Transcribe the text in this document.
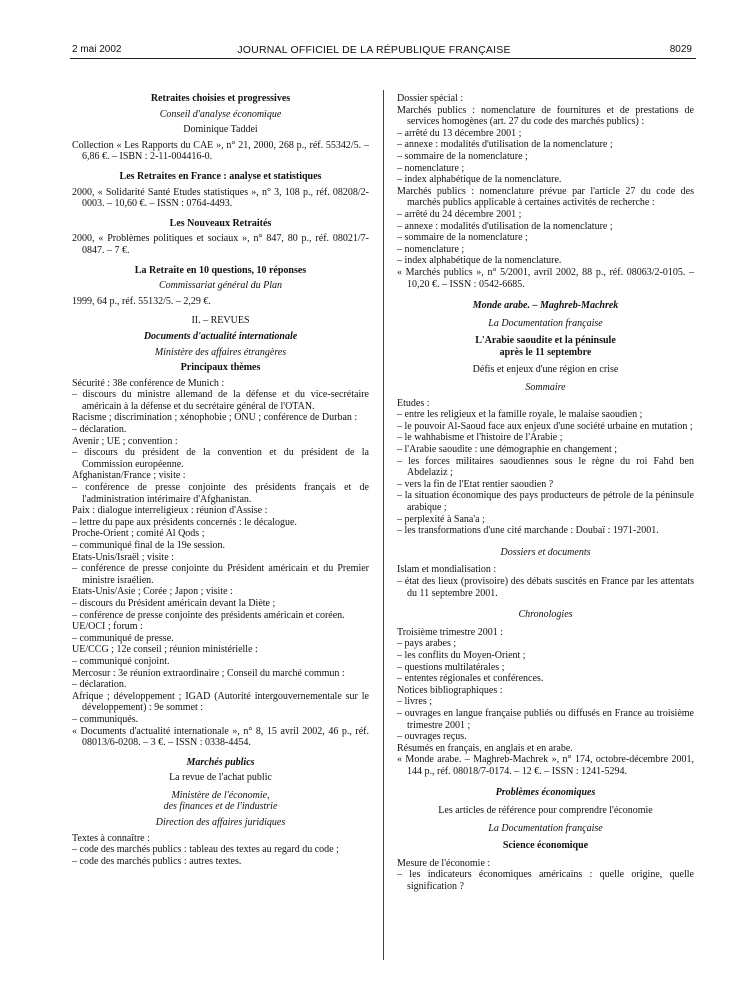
2 mai 2002	JOURNAL OFFICIEL DE LA RÉPUBLIQUE FRANÇAISE	8029

Retraites choisies et progressives

Conseil d'analyse économique

Dominique Taddei

Collection « Les Rapports du CAE », n° 21, 2000, 268 p., réf. 55342/5. – 6,86 €. – ISBN : 2-11-004416-0.

Les Retraites en France : analyse et statistiques

2000, « Solidarité Santé Etudes statistiques », n° 3, 108 p., réf. 08208/2-0003. – 10,60 €. – ISSN : 0764-4493.

Les Nouveaux Retraités

2000, « Problèmes politiques et sociaux », n° 847, 80 p., réf. 08021/7-0847. – 7 €.

La Retraite en 10 questions, 10 réponses

Commissariat général du Plan

1999, 64 p., réf. 55132/5. – 2,29 €.

II. – REVUES

Documents d'actualité internationale

Ministère des affaires étrangères

Principaux thèmes

Sécurité : 38e conférence de Munich :

– discours du ministre allemand de la défense et du vice-secrétaire américain à la défense et du secrétaire général de l'OTAN.

Racisme ; discrimination ; xénophobie ; ONU ; conférence de Durban :

– déclaration.

Avenir ; UE ; convention :

– discours du président de la convention et du président de la Commission européenne.

Afghanistan/France ; visite :

– conférence de presse conjointe des présidents français et de l'administration intérimaire d'Afghanistan.

Paix : dialogue interreligieux : réunion d'Assise :

– lettre du pape aux présidents concernés : le décalogue.

Proche-Orient ; comité Al Qods ;

– communiqué final de la 19e session.

Etats-Unis/Israël ; visite :

– conférence de presse conjointe du Président américain et du Premier ministre israélien.

Etats-Unis/Asie ; Corée ; Japon ; visite :

– discours du Président américain devant la Diète ;

– conférence de presse conjointe des présidents américain et coréen.

UE/OCI ; forum :

– communiqué de presse.

UE/CCG ; 12e conseil ; réunion ministérielle :

– communiqué conjoint.

Mercosur : 3e réunion extraordinaire ; Conseil du marché commun :

– déclaration.

Afrique ; développement ; IGAD (Autorité intergouvernementale sur le développement) : 9e sommet :

– communiqués.

« Documents d'actualité internationale », n° 8, 15 avril 2002, 46 p., réf. 08013/6-0208. – 3 €. – ISSN : 0338-4454.

Marchés publics

La revue de l'achat public

Ministère de l'économie,

des finances et de l'industrie

Direction des affaires juridiques

Textes à connaître :

– code des marchés publics : tableau des textes au regard du code ;

– code des marchés publics : autres textes.

Dossier spécial :

Marchés publics : nomenclature de fournitures et de prestations de services homogènes (art. 27 du code des marchés publics) :

– arrêté du 13 décembre 2001 ;

– annexe : modalités d'utilisation de la nomenclature ;

– sommaire de la nomenclature ;

– nomenclature ;

– index alphabétique de la nomenclature.

Marchés publics : nomenclature prévue par l'article 27 du code des marchés publics applicable à certaines activités de recherche :

– arrêté du 24 décembre 2001 ;

– annexe : modalités d'utilisation de la nomenclature ;

– sommaire de la nomenclature ;

– nomenclature ;

– index alphabétique de la nomenclature.

« Marchés publics », n° 5/2001, avril 2002, 88 p., réf. 08063/2-0105. – 10,20 €. – ISSN : 0542-6685.

Monde arabe. – Maghreb-Machrek

La Documentation française

L'Arabie saoudite et la péninsule

après le 11 septembre

Défis et enjeux d'une région en crise

Sommaire

Etudes :

– entre les religieux et la famille royale, le malaise saoudien ;

– le pouvoir Al-Saoud face aux enjeux d'une société urbaine en mutation ;

– le wahhabisme et l'histoire de l'Arabie ;

– l'Arabie saoudite : une démographie en changement ;

– les forces militaires saoudiennes sous le règne du roi Fahd ben Abdelaziz ;

– vers la fin de l'Etat rentier saoudien ?

– la situation économique des pays producteurs de pétrole de la péninsule arabique ;

– perplexité à Sana'a ;

– les transformations d'une cité marchande : Doubaï : 1971-2001.

Dossiers et documents

Islam et mondialisation :

– état des lieux (provisoire) des débats suscités en France par les attentats du 11 septembre 2001.

Chronologies

Troisième trimestre 2001 :

– pays arabes ;

– les conflits du Moyen-Orient ;

– questions multilatérales ;

– ententes régionales et conférences.

Notices bibliographiques :

– livres ;

– ouvrages en langue française publiés ou diffusés en France au troisième trimestre 2001 ;

– ouvrages reçus.

Résumés en français, en anglais et en arabe.

« Monde arabe. – Maghreb-Machrek », n° 174, octobre-décembre 2001, 144 p., réf. 08018/7-0174. – 12 €. – ISSN : 1241-5294.

Problèmes économiques

Les articles de référence pour comprendre l'économie

La Documentation française

Science économique

Mesure de l'économie :

– les indicateurs économiques américains : quelle origine, quelle signification ?
